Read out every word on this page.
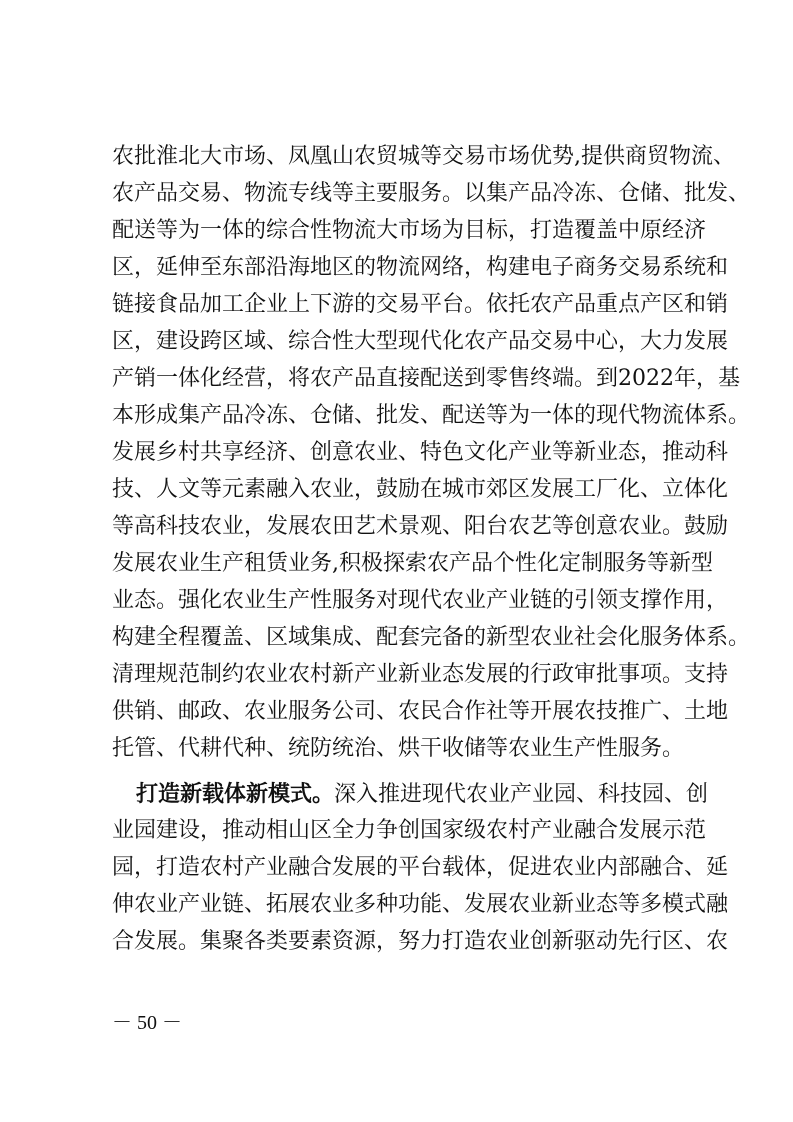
农批淮北大市场、凤凰山农贸城等交易市场优势,提供商贸物流、
农产品交易、物流专线等主要服务。以集产品冷冻、仓储、批发、
配送等为一体的综合性物流大市场为目标，打造覆盖中原经济
区，延伸至东部沿海地区的物流网络，构建电子商务交易系统和
链接食品加工企业上下游的交易平台。依托农产品重点产区和销
区，建设跨区域、综合性大型现代化农产品交易中心，大力发展
产销一体化经营，将农产品直接配送到零售终端。到2022年，基
本形成集产品冷冻、仓储、批发、配送等为一体的现代物流体系。
发展乡村共享经济、创意农业、特色文化产业等新业态，推动科
技、人文等元素融入农业，鼓励在城市郊区发展工厂化、立体化
等高科技农业，发展农田艺术景观、阳台农艺等创意农业。鼓励
发展农业生产租赁业务,积极探索农产品个性化定制服务等新型
业态。强化农业生产性服务对现代农业产业链的引领支撑作用，
构建全程覆盖、区域集成、配套完备的新型农业社会化服务体系。
清理规范制约农业农村新产业新业态发展的行政审批事项。支持
供销、邮政、农业服务公司、农民合作社等开展农技推广、土地
托管、代耕代种、统防统治、烘干收储等农业生产性服务。
打造新载体新模式。深入推进现代农业产业园、科技园、创
业园建设，推动相山区全力争创国家级农村产业融合发展示范
园，打造农村产业融合发展的平台载体，促进农业内部融合、延
伸农业产业链、拓展农业多种功能、发展农业新业态等多模式融
合发展。集聚各类要素资源，努力打造农业创新驱动先行区、农
－ 50 －
